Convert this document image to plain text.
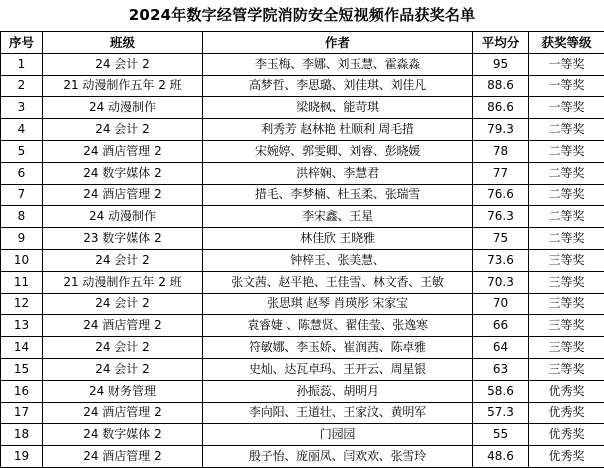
2024年数字经管学院消防安全短视频作品获奖名单
序号	班级	作者	平均分	获奖等级
1	24 会计 2	李玉梅、李娜、刘玉慧、霍淼淼	95	一等奖
2	21 动漫制作五年 2 班	高梦哲、李思璐、刘佳琪、刘佳凡	88.6	一等奖
3	24 动漫制作	梁晓枫、能苛琪	86.6	一等奖
4	24 会计 2	利秀芳 赵林艳 杜顺利 周毛措	79.3	二等奖
5	24 酒店管理 2	宋婉婷、郭雯卿、刘睿、彭晓媛	78	二等奖
6	24 数字媒体 2	洪梓娴、李慧君	77	二等奖
7	24 酒店管理 2	措毛、李梦楠、杜玉柔、张瑞雪	76.6	二等奖
8	24 动漫制作	李宋鑫、王星	76.3	二等奖
9	23 数字媒体 2	林佳欣 王晓雅	75	二等奖
10	24 会计 2	钟梓玉、张美慧、	73.6	三等奖
11	21 动漫制作五年 2 班	张文茜、赵平艳、王佳雪、林文香、王敏	70.3	三等奖
12	24 会计 2	张思琪 赵琴 肖瑛彤 宋家宝	70	三等奖
13	24 酒店管理 2	袁睿婕 、陈慧贤、翟佳莹、张逸寒	66	三等奖
14	24 会计 2	符敏娜、李玉娇、崔润茜、陈卓雅	64	三等奖
15	24 会计 2	史灿、达瓦卓玛、王开云、周星银	63	三等奖
16	24 财务管理	孙振蕊、胡明月	58.6	优秀奖
17	24 酒店管理 2	李向阳、王道壮、王家汶、黄明军	57.3	优秀奖
18	24 数字媒体 2	门园园	55	优秀奖
19	24 酒店管理 2	殷子怡、庞丽凤、闫欢欢、张雪玲	48.6	优秀奖
